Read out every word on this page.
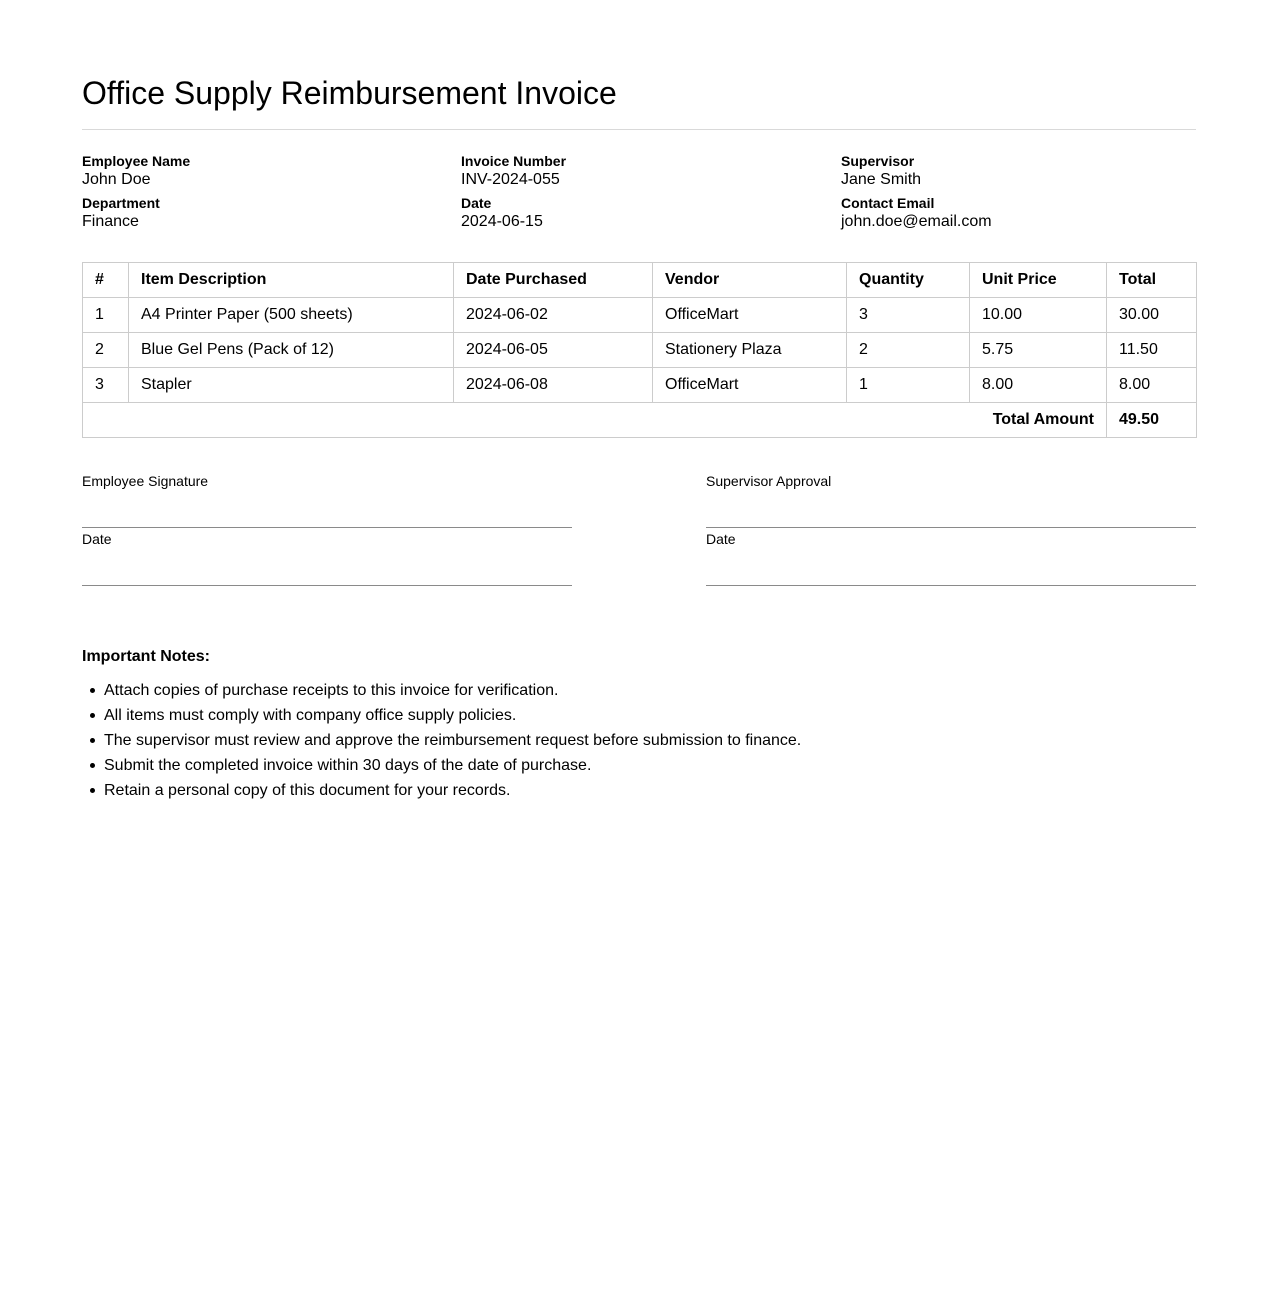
Office Supply Reimbursement Invoice
Employee Name
John Doe
Department
Finance
Invoice Number
INV-2024-055
Date
2024-06-15
Supervisor
Jane Smith
Contact Email
john.doe@email.com
#	Item Description	Date Purchased	Vendor	Quantity	Unit Price	Total
1	A4 Printer Paper (500 sheets)	2024-06-02	OfficeMart	3	10.00	30.00
2	Blue Gel Pens (Pack of 12)	2024-06-05	Stationery Plaza	2	5.75	11.50
3	Stapler	2024-06-08	OfficeMart	1	8.00	8.00
Total Amount						49.50
Employee Signature
Date
Supervisor Approval
Date
Important Notes:
Attach copies of purchase receipts to this invoice for verification.
All items must comply with company office supply policies.
The supervisor must review and approve the reimbursement request before submission to finance.
Submit the completed invoice within 30 days of the date of purchase.
Retain a personal copy of this document for your records.
